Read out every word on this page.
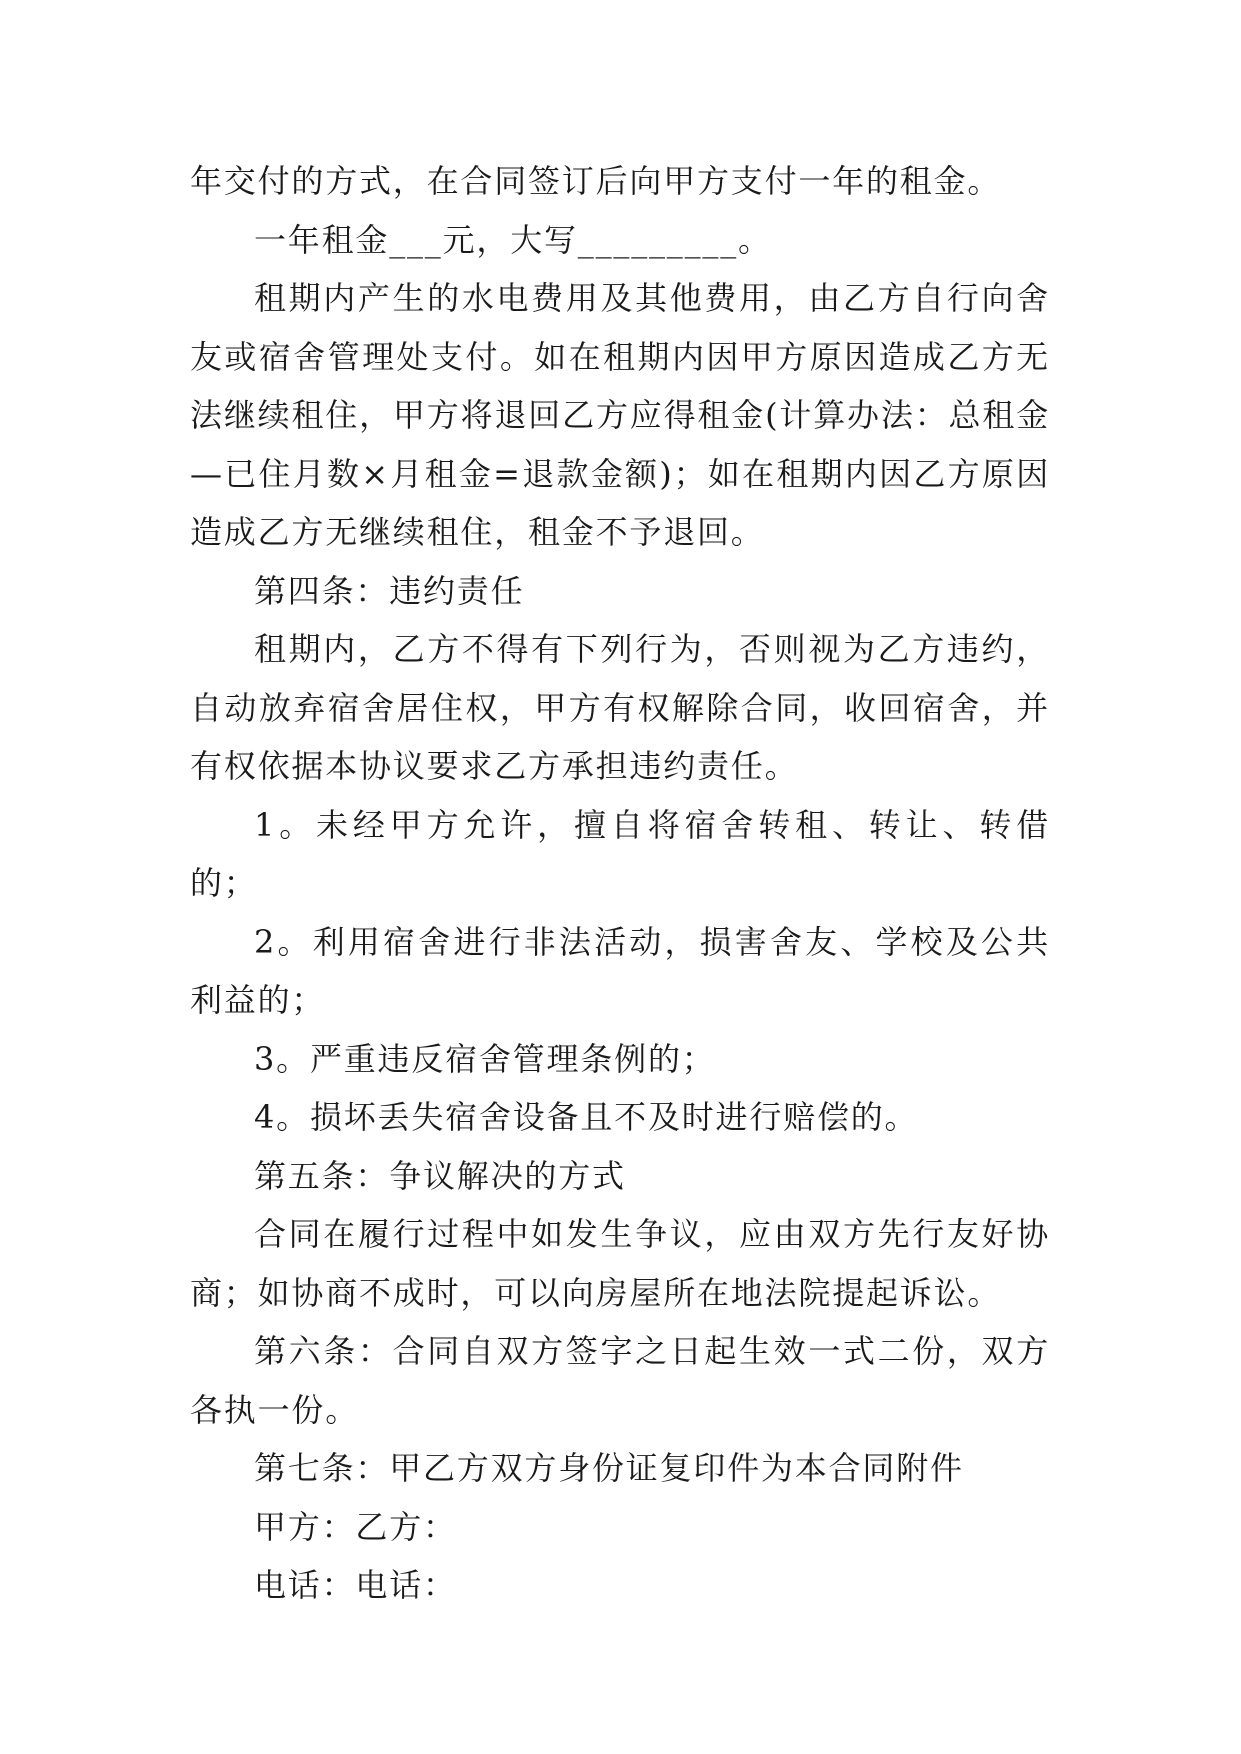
年交付的方式，在合同签订后向甲方支付一年的租金。

一年租金___元，大写_________。

租期内产生的水电费用及其他费用，由乙方自行向舍友或宿舍管理处支付。如在租期内因甲方原因造成乙方无法继续租住，甲方将退回乙方应得租金(计算办法：总租金—已住月数×月租金=退款金额)；如在租期内因乙方原因造成乙方无继续租住，租金不予退回。

第四条：违约责任

租期内，乙方不得有下列行为，否则视为乙方违约，自动放弃宿舍居住权，甲方有权解除合同，收回宿舍，并有权依据本协议要求乙方承担违约责任。

1。未经甲方允许，擅自将宿舍转租、转让、转借的；

2。利用宿舍进行非法活动，损害舍友、学校及公共利益的；

3。严重违反宿舍管理条例的；

4。损坏丢失宿舍设备且不及时进行赔偿的。

第五条：争议解决的方式

合同在履行过程中如发生争议，应由双方先行友好协商；如协商不成时，可以向房屋所在地法院提起诉讼。

第六条：合同自双方签字之日起生效一式二份，双方各执一份。

第七条：甲乙方双方身份证复印件为本合同附件

甲方：乙方：

电话：电话：
